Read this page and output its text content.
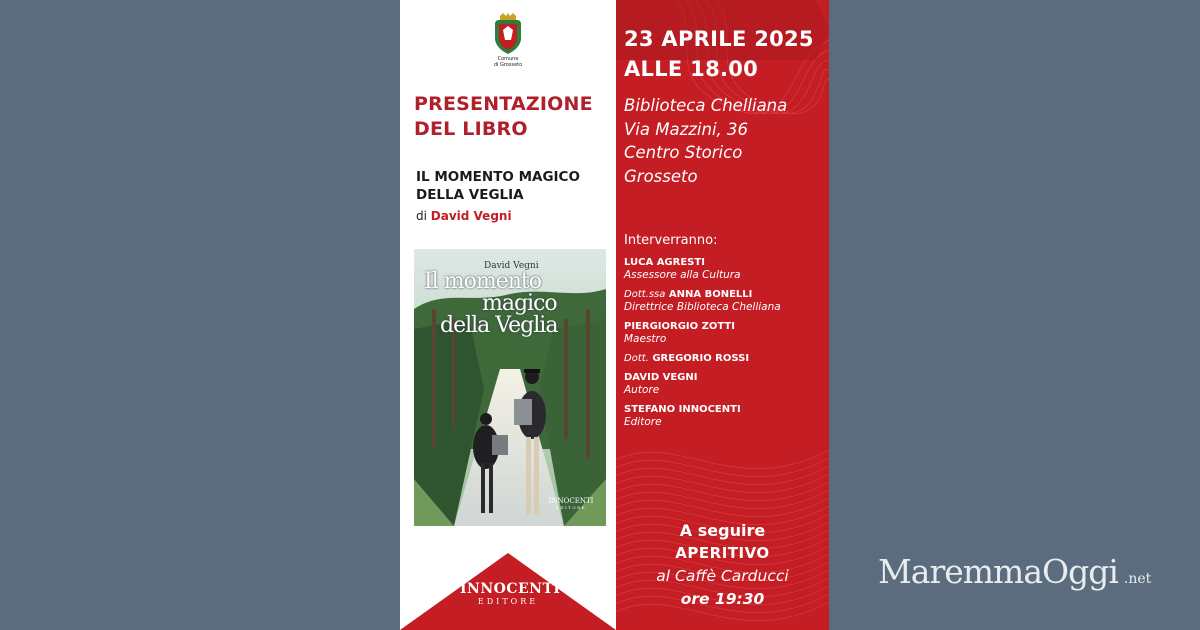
Comune
di Grosseto
PRESENTAZIONE
DEL LIBRO
IL MOMENTO MAGICO
DELLA VEGLIA
di David Vegni
David Vegni
Il momento
magico
della Veglia
INNOCENTI
EDITORE
INNOCENTI
EDITORE
23 APRILE 2025
ALLE 18.00
Biblioteca Chelliana
Via Mazzini, 36
Centro Storico
Grosseto
Interverranno:
LUCA AGRESTI
Assessore alla Cultura
Dott.ssa ANNA BONELLI
Direttrice Biblioteca Chelliana
PIERGIORGIO ZOTTI
Maestro
Dott. GREGORIO ROSSI
DAVID VEGNI
Autore
STEFANO INNOCENTI
Editore
A seguire
APERITIVO
al Caffè Carducci
ore 19:30
MaremmaOggi .net
